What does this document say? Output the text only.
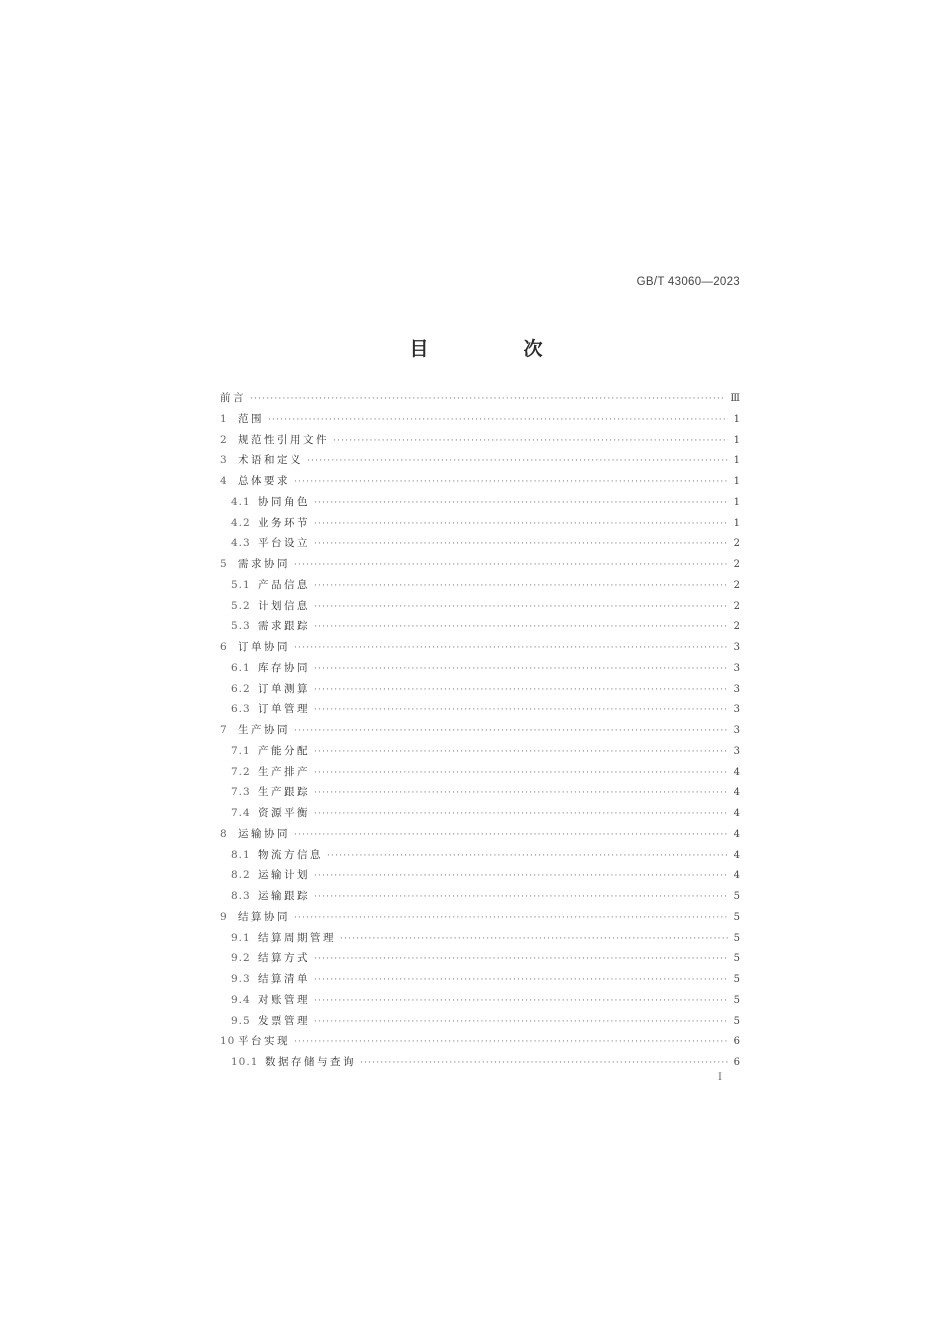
GB/T 43060—2023
目　次
前言 ·····	Ⅲ
1 范围 ·····	1
2 规范性引用文件 ·····	1
3 术语和定义 ·····	1
4 总体要求 ·····	1
4.1 协同角色 ·····	1
4.2 业务环节 ·····	1
4.3 平台设立 ·····	2
5 需求协同 ·····	2
5.1 产品信息 ·····	2
5.2 计划信息 ·····	2
5.3 需求跟踪 ·····	2
6 订单协同 ·····	3
6.1 库存协同 ·····	3
6.2 订单测算 ·····	3
6.3 订单管理 ·····	3
7 生产协同 ·····	3
7.1 产能分配 ·····	3
7.2 生产排产 ·····	4
7.3 生产跟踪 ·····	4
7.4 资源平衡 ·····	4
8 运输协同 ·····	4
8.1 物流方信息 ·····	4
8.2 运输计划 ·····	4
8.3 运输跟踪 ·····	5
9 结算协同 ·····	5
9.1 结算周期管理 ·····	5
9.2 结算方式 ·····	5
9.3 结算清单 ·····	5
9.4 对账管理 ·····	5
9.5 发票管理 ·····	5
10 平台实现 ·····	6
10.1 数据存储与查询 ·····	6
Ⅰ
